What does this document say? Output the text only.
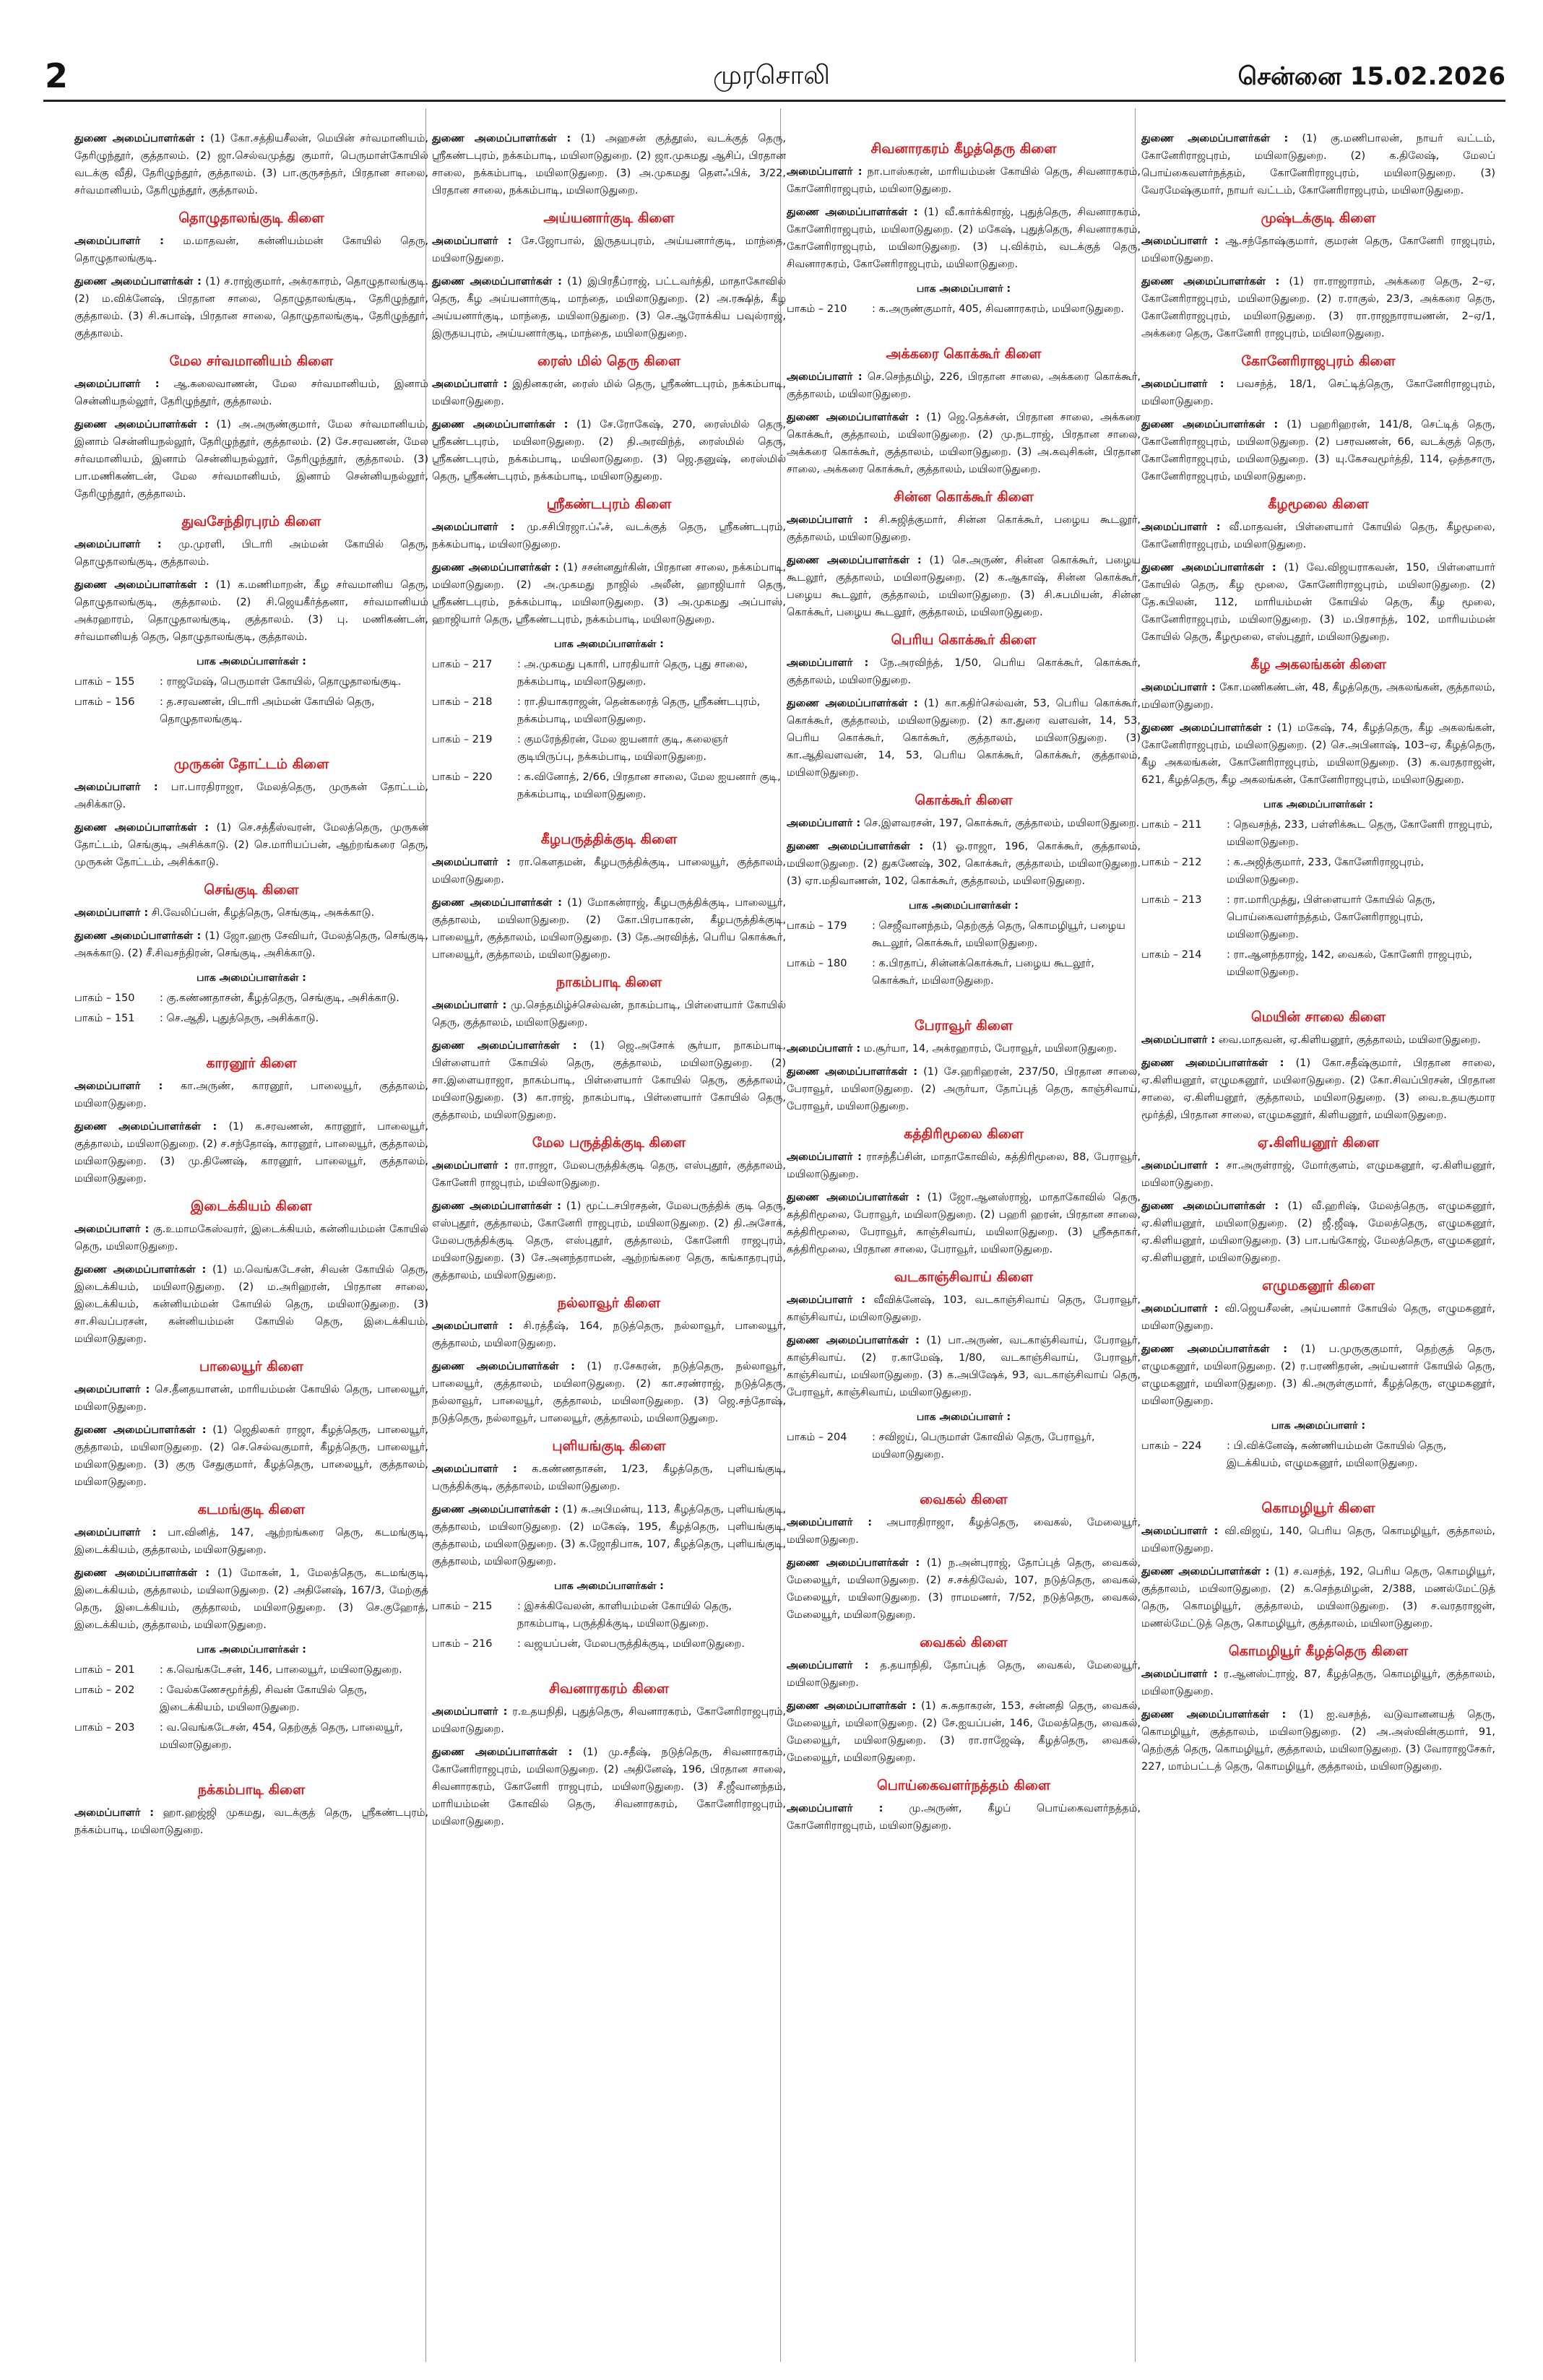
2	முரசொலி	சென்னை 15.02.2026
துணை அமைப்பாளர்கள் : (1) கோ.சத்தியசீலன், மெயின் சர்வமானியம், தேரிழுந்தூர், குத்தாலம். (2) ஜா.செல்வமுத்து குமார், பெருமாள்கோயில் வடக்கு வீதி, தேரிழுந்தூர், குத்தாலம். (3) பா.குருசந்தர், பிரதான சாலை, சர்வமானியம், தேரிழுந்தூர், குத்தாலம்.
தொழுதாலங்குடி கிளை
அமைப்பாளர் : ம.மாதவன், கன்னியம்மன் கோயில் தெரு, தொழுதாலங்குடி.
துணை அமைப்பாளர்கள் : (1) ச.ராஜ்குமார், அக்ரகாரம், தொழுதாலங்குடி. (2) ம.விக்னேஷ், பிரதான சாலை, தொழுதாலங்குடி, தேரிழுந்தூர், குத்தாலம். (3) சி.சுபாஷ், பிரதான சாலை, தொழுதாலங்குடி, தேரிழுந்தூர், குத்தாலம்.
மேல சர்வமானியம் கிளை
அமைப்பாளர் : ஆ.கலைவாணன், மேல சர்வமானியம், இனாம் சென்னியநல்லூர், தேரிழுந்தூர், குத்தாலம்.
துணை அமைப்பாளர்கள் : (1) அ.அருண்குமார், மேல சர்வமானியம், இனாம் சென்னியநல்லூர், தேரிழுந்தூர், குத்தாலம். (2) சே.சரவணன், மேல சர்வமானியம், இனாம் சென்னியநல்லூர், தேரிழுந்தூர், குத்தாலம். (3) பா.மணிகண்டன், மேல சர்வமானியம், இனாம் சென்னியநல்லூர், தேரிழுந்தூர், குத்தாலம்.
துவசேந்திரபுரம் கிளை
அமைப்பாளர் : மு.முரளி, பிடாரி அம்மன் கோயில் தெரு, தொழுதாலங்குடி, குத்தாலம்.
துணை அமைப்பாளர்கள் : (1) க.மணிமாறன், கீழ சர்வமானிய தெரு, தொழுதாலங்குடி, குத்தாலம். (2) சி.ஜெயகீர்த்தனா, சர்வமானியம் அக்ரஹாரம், தொழுதாலங்குடி, குத்தாலம். (3) பு. மணிகண்டன், சர்வமானியத் தெரு, தொழுதாலங்குடி, குத்தாலம்.
பாக அமைப்பாளர்கள் :
பாகம் – 155	: ராஜமேஷ், பெருமாள் கோயில், தொழுதாலங்குடி.
பாகம் – 156	: த.சரவணன், பிடாரி அம்மன் கோயில் தெரு, தொழுதாலங்குடி.
முருகன் தோட்டம் கிளை
அமைப்பாளர் : பா.பாரதிராஜா, மேலத்தெரு, முருகன் தோட்டம், அசிக்காடு.
துணை அமைப்பாளர்கள் : (1) செ.சத்தீஸ்வரன், மேலத்தெரு, முருகன் தோட்டம், செங்குடி, அசிக்காடு. (2) செ.மாரியப்பன், ஆற்றங்கரை தெரு, முருகன் தோட்டம், அசிக்காடு.
செங்குடி கிளை
அமைப்பாளர் : சி.வேலிப்பன், கீழத்தெரு, செங்குடி, அசுக்காடு.
துணை அமைப்பாளர்கள் : (1) ஜோ.ஹரூ சேவியர், மேலத்தெரு, செங்குடி, அசுக்காடு. (2) சீ.சிவசந்திரன், செங்குடி, அசிக்காடு.
பாக அமைப்பாளர்கள் :
பாகம் – 150	: கு.கண்ணதாசன், கீழத்தெரு, செங்குடி, அசிக்காடு.
பாகம் – 151	: செ.ஆதி, புதுத்தெரு, அசிக்காடு.
காரனூர் கிளை
அமைப்பாளர் : கா.அருண், காரனூர், பாலையூர், குத்தாலம், மயிலாடுதுறை.
துணை அமைப்பாளர்கள் : (1) க.சரவணன், காரனூர், பாலையூர், குத்தாலம், மயிலாடுதுறை. (2) ச.சந்தோஷ், காரனூர், பாலையூர், குத்தாலம், மயிலாடுதுறை. (3) மு.திணேஷ், காரனூர், பாலையூர், குத்தாலம், மயிலாடுதுறை.
இடைக்கியம் கிளை
அமைப்பாளர் : கு.உமாமகேஸ்வரர், இடைக்கியம், கன்னியம்மன் கோயில் தெரு, மயிலாடுதுறை.
துணை அமைப்பாளர்கள் : (1) ம.வெங்கடேசன், சிவன் கோயில் தெரு, இடைக்கியம், மயிலாடுதுறை. (2) ம.அரிஹரன், பிரதான சாலை, இடைக்கியம், கன்னியம்மன் கோயில் தெரு, மயிலாடுதுறை. (3) சா.சிவப்பரசன், கன்னியம்மன் கோயில் தெரு, இடைக்கியம், மயிலாடுதுறை.
பாலையூர் கிளை
அமைப்பாளர் : செ.தீனதயாளன், மாரியம்மன் கோயில் தெரு, பாலையூர், மயிலாடுதுறை.
துணை அமைப்பாளர்கள் : (1) ஜெதிலகர் ராஜா, கீழத்தெரு, பாலையூர், குத்தாலம், மயிலாடுதுறை. (2) செ.செல்வகுமார், கீழத்தெரு, பாலையூர், மயிலாடுதுறை. (3) குரு சேதுகுமார், கீழத்தெரு, பாலையூர், குத்தாலம், மயிலாடுதுறை.
கடமங்குடி கிளை
அமைப்பாளர் : பா.வினித், 147, ஆற்றங்கரை தெரு, கடமங்குடி, இடைக்கியம், குத்தாலம், மயிலாடுதுறை.
துணை அமைப்பாளர்கள் : (1) மோகன், 1, மேலத்தெரு, கடமங்குடி, இடைக்கியம், குத்தாலம், மயிலாடுதுறை. (2) அதினேஷ், 167/3, மேற்குத் தெரு, இடைக்கியம், குத்தாலம், மயிலாடுதுறை. (3) செ.குஹோத், இடைக்கியம், குத்தாலம், மயிலாடுதுறை.
பாக அமைப்பாளர்கள் :
பாகம் – 201	: க.வெங்கடேசன், 146, பாலையூர், மயிலாடுதுறை.
பாகம் – 202	: வேல்கணேசமூர்த்தி, சிவன் கோயில் தெரு, இடைக்கியம், மயிலாடுதுறை.
பாகம் – 203	: வ.வெங்கடேசன், 454, தெற்குத் தெரு, பாலையூர், மயிலாடுதுறை.
நக்கம்பாடி கிளை
அமைப்பாளர் : ஹா.ஹஜ்ஜி முகமது, வடக்குத் தெரு, ஸ்ரீகண்டபுரம், நக்கம்பாடி, மயிலாடுதுறை.
துணை அமைப்பாளர்கள் : (1) அஹசன் குத்தூஸ், வடக்குத் தெரு, ஸ்ரீகண்டபுரம், நக்கம்பாடி, மயிலாடுதுறை. (2) ஜா.முகமது ஆசிப், பிரதான சாலை, நக்கம்பாடி, மயிலாடுதுறை. (3) அ.முகமது தௌஃபிக், 3/22, பிரதான சாலை, நக்கம்பாடி, மயிலாடுதுறை.
அய்யனார்குடி கிளை
அமைப்பாளர் : சே.ஜோபால், இருதயபுரம், அய்யனார்குடி, மாந்தை, மயிலாடுதுறை.
துணை அமைப்பாளர்கள் : (1) இபிரதீப்ராஜ், பட்டவர்த்தி, மாதாகோவில் தெரு, கீழ அய்யனார்குடி, மாந்தை, மயிலாடுதுறை. (2) அ.ரக்ஷித், கீழ அய்யனார்குடி, மாந்தை, மயிலாடுதுறை. (3) செ.ஆரோக்கிய பவுல்ராஜ், இருதயபுரம், அய்யனார்குடி, மாந்தை, மயிலாடுதுறை.
ரைஸ் மில் தெரு கிளை
அமைப்பாளர் : இதினகரன், ரைஸ் மில் தெரு, ஸ்ரீகண்டபுரம், நக்கம்பாடி, மயிலாடுதுறை.
துணை அமைப்பாளர்கள் : (1) சே.ரோகேஷ், 270, ரைஸ்மில் தெரு, ஸ்ரீகண்டபுரம், மயிலாடுதுறை. (2) தி.அரவிந்த், ரைஸ்மில் தெரு, ஸ்ரீகண்டபுரம், நக்கம்பாடி, மயிலாடுதுறை. (3) ஜெ.தனுஷ், ரைஸ்மில் தெரு, ஸ்ரீகண்டபுரம், நக்கம்பாடி, மயிலாடுதுறை.
ஸ்ரீகண்டபுரம் கிளை
அமைப்பாளர் : மு.சசிபிரஜா.ப்ஃச், வடக்குத் தெரு, ஸ்ரீகண்டபுரம், நக்கம்பாடி, மயிலாடுதுறை.
துணை அமைப்பாளர்கள் : (1) சசன்னதுர்கின், பிரதான சாலை, நக்கம்பாடி, மயிலாடுதுறை. (2) அ.முகமது நாஜில் அலீன், ஹாஜியார் தெரு, ஸ்ரீகண்டபுரம், நக்கம்பாடி, மயிலாடுதுறை. (3) அ.முகமது அப்பாஸ், ஹாஜியார் தெரு, ஸ்ரீகண்டபுரம், நக்கம்பாடி, மயிலாடுதுறை.
பாக அமைப்பாளர்கள் :
பாகம் – 217	: அ.முகமது புகாரி, பாரதியார் தெரு, புது சாலை, நக்கம்பாடி, மயிலாடுதுறை.
பாகம் – 218	: ரா.தியாகராஜன், தென்கரைத் தெரு, ஸ்ரீகண்டபுரம், நக்கம்பாடி, மயிலாடுதுறை.
பாகம் – 219	: குமரேந்திரன், மேல ஐயனார் குடி, கலைஞர் குடியிருப்பு, நக்கம்பாடி, மயிலாடுதுறை.
பாகம் – 220	: க.வினோத், 2/66, பிரதான சாலை, மேல ஐயனார் குடி, நக்கம்பாடி, மயிலாடுதுறை.
கீழபருத்திக்குடி கிளை
அமைப்பாளர் : ரா.கௌதமன், கீழபருத்திக்குடி, பாலையூர், குத்தாலம், மயிலாடுதுறை.
துணை அமைப்பாளர்கள் : (1) மோகன்ராஜ், கீழபருத்திக்குடி, பாலையூர், குத்தாலம், மயிலாடுதுறை. (2) கோ.பிரபாகரன், கீழபருத்திக்குடி, பாலையூர், குத்தாலம், மயிலாடுதுறை. (3) தே.அரவிந்த், பெரிய கொக்கூர், பாலையூர், குத்தாலம், மயிலாடுதுறை.
நாகம்பாடி கிளை
அமைப்பாளர் : மு.செந்தமிழ்ச்செல்வன், நாகம்பாடி, பிள்ளையார் கோயில் தெரு, குத்தாலம், மயிலாடுதுறை.
துணை அமைப்பாளர்கள் : (1) ஜெ.அசோக் சூர்யா, நாகம்பாடி, பிள்ளையார் கோயில் தெரு, குத்தாலம், மயிலாடுதுறை. (2) சா.இளையராஜா, நாகம்பாடி, பிள்ளையார் கோயில் தெரு, குத்தாலம், மயிலாடுதுறை. (3) கா.ராஜ், நாகம்பாடி, பிள்ளையார் கோயில் தெரு, குத்தாலம், மயிலாடுதுறை.
மேல பருத்திக்குடி கிளை
அமைப்பாளர் : ரா.ராஜா, மேலபருத்திக்குடி தெரு, எஸ்புதூர், குத்தாலம், கோனேரி ராஜபுரம், மயிலாடுதுறை.
துணை அமைப்பாளர்கள் : (1) மூட்டசபிரசதன், மேலபருத்திக் குடி தெரு, எஸ்புதூர், குத்தாலம், கோனேரி ராஜபுரம், மயிலாடுதுறை. (2) தி.அசோக், மேலபருத்திக்குடி தெரு, எஸ்புதூர், குத்தாலம், கோனேரி ராஜபுரம், மயிலாடுதுறை. (3) சே.அனந்தராமன், ஆற்றங்கரை தெரு, கங்காதரபுரம், குத்தாலம், மயிலாடுதுறை.
நல்லாவூர் கிளை
அமைப்பாளர் : சி.ரத்தீஷ், 164, நடுத்தெரு, நல்லாவூர், பாலையூர், குத்தாலம், மயிலாடுதுறை.
துணை அமைப்பாளர்கள் : (1) ர.சேகரன், நடுத்தெரு, நல்லாவூர், பாலையூர், குத்தாலம், மயிலாடுதுறை. (2) கா.சரண்ராஜ், நடுத்தெரு, நல்லாவூர், பாலையூர், குத்தாலம், மயிலாடுதுறை. (3) ஜெ.சந்தோஷ், நடுத்தெரு, நல்லாவூர், பாலையூர், குத்தாலம், மயிலாடுதுறை.
புளியங்குடி கிளை
அமைப்பாளர் : க.கண்ணதாசன், 1/23, கீழத்தெரு, புளியங்குடி, பருத்திக்குடி, குத்தாலம், மயிலாடுதுறை.
துணை அமைப்பாளர்கள் : (1) சு.அபிமன்யு, 113, கீழத்தெரு, புளியங்குடி, குத்தாலம், மயிலாடுதுறை. (2) மகேஷ், 195, கீழத்தெரு, புளியங்குடி, குத்தாலம், மயிலாடுதுறை. (3) க.ஜோதிபாசு, 107, கீழத்தெரு, புளியங்குடி, குத்தாலம், மயிலாடுதுறை.
பாக அமைப்பாளர்கள் :
பாகம் – 215	: இசக்கிவேலன், காளியம்மன் கோயில் தெரு, நாகம்பாடி, பருத்திக்குடி, மயிலாடுதுறை.
பாகம் – 216	: வஜயப்பன், மேலபருத்திக்குடி, மயிலாடுதுறை.
சிவனாரகரம் கிளை
அமைப்பாளர் : ர.உதயநிதி, புதுத்தெரு, சிவனாரகரம், கோனேரிராஜபுரம், மயிலாடுதுறை.
துணை அமைப்பாளர்கள் : (1) மு.சதீஷ், நடுத்தெரு, சிவனாரகரம், கோனேரிராஜபுரம், மயிலாடுதுறை. (2) அதினேஷ், 196, பிரதான சாலை, சிவனாரகரம், கோனேரி ராஜபுரம், மயிலாடுதுறை. (3) சீ.ஜீவானந்தம், மாரியம்மன் கோவில் தெரு, சிவனாரகரம், கோனேரிராஜபுரம், மயிலாடுதுறை.
சிவனாரகரம் கீழத்தெரு கிளை
அமைப்பாளர் : நா.பாஸ்கரன், மாரியம்மன் கோயில் தெரு, சிவனாரகரம், கோனேரிராஜபுரம், மயிலாடுதுறை.
துணை அமைப்பாளர்கள் : (1) வீ.கார்க்கிராஜ், புதுத்தெரு, சிவனாரகரம், கோனேரிராஜபுரம், மயிலாடுதுறை. (2) மகேஷ், புதுத்தெரு, சிவனாரகரம், கோனேரிராஜபுரம், மயிலாடுதுறை. (3) பு.விக்ரம், வடக்குத் தெரு, சிவனாரகரம், கோனேரிராஜபுரம், மயிலாடுதுறை.
பாக அமைப்பாளர் :
பாகம் – 210	: க.அருண்குமார், 405, சிவனாரகரம், மயிலாடுதுறை.
அக்கரை கொக்கூர் கிளை
அமைப்பாளர் : செ.செந்தமிழ், 226, பிரதான சாலை, அக்கரை கொக்கூர், குத்தாலம், மயிலாடுதுறை.
துணை அமைப்பாளர்கள் : (1) ஜெ.தெக்சன், பிரதான சாலை, அக்கரை கொக்கூர், குத்தாலம், மயிலாடுதுறை. (2) மு.நடராஜ், பிரதான சாலை, அக்கரை கொக்கூர், குத்தாலம், மயிலாடுதுறை. (3) அ.கவுசிகன், பிரதான சாலை, அக்கரை கொக்கூர், குத்தாலம், மயிலாடுதுறை.
சின்ன கொக்கூர் கிளை
அமைப்பாளர் : சி.சுஜித்குமார், சின்ன கொக்கூர், பழைய கூடலூர், குத்தாலம், மயிலாடுதுறை.
துணை அமைப்பாளர்கள் : (1) செ.அருண், சின்ன கொக்கூர், பழைய கூடலூர், குத்தாலம், மயிலாடுதுறை. (2) க.ஆகாஷ், சின்ன கொக்கூர், பழைய கூடலூர், குத்தாலம், மயிலாடுதுறை. (3) சி.சுபமியன், சின்ன கொக்கூர், பழைய கூடலூர், குத்தாலம், மயிலாடுதுறை.
பெரிய கொக்கூர் கிளை
அமைப்பாளர் : நே.அரவிந்த், 1/50, பெரிய கொக்கூர், கொக்கூர், குத்தாலம், மயிலாடுதுறை.
துணை அமைப்பாளர்கள் : (1) கா.கதிர்செல்வன், 53, பெரிய கொக்கூர், கொக்கூர், குத்தாலம், மயிலாடுதுறை. (2) கா.துரை வளவன், 14, 53, பெரிய கொக்கூர், கொக்கூர், குத்தாலம், மயிலாடுதுறை. (3) கா.ஆதிவளவன், 14, 53, பெரிய கொக்கூர், கொக்கூர், குத்தாலம், மயிலாடுதுறை.
கொக்கூர் கிளை
அமைப்பாளர் : செ.இளவரசன், 197, கொக்கூர், குத்தாலம், மயிலாடுதுறை.
துணை அமைப்பாளர்கள் : (1) ஓ.ராஜா, 196, கொக்கூர், குத்தாலம், மயிலாடுதுறை. (2) துகணேஷ், 302, கொக்கூர், குத்தாலம், மயிலாடுதுறை. (3) ஏா.மதிவாணன், 102, கொக்கூர், குத்தாலம், மயிலாடுதுறை.
பாக அமைப்பாளர்கள் :
பாகம் – 179	: செஜீவானந்தம், தெற்குத் தெரு, கொமழியூர், பழைய கூடலூர், கொக்கூர், மயிலாடுதுறை.
பாகம் – 180	: க.பிரதாப், சின்னக்கொக்கூர், பழைய கூடலூர், கொக்கூர், மயிலாடுதுறை.
பேராவூர் கிளை
அமைப்பாளர் : ம.சூர்யா, 14, அக்ரஹாரம், பேராவூர், மயிலாடுதுறை.
துணை அமைப்பாளர்கள் : (1) சே.ஹரிஹரன், 237/50, பிரதான சாலை, பேராவூர், மயிலாடுதுறை. (2) அருர்யா, தோப்புத் தெரு, காஞ்சிவாய், பேராவூர், மயிலாடுதுறை.
கத்திரிமூலை கிளை
அமைப்பாளர் : ராசந்தீப்சின், மாதாகோவில், கத்திரிமூலை, 88, பேராவூர், மயிலாடுதுறை.
துணை அமைப்பாளர்கள் : (1) ஜோ.ஆனஸ்ராஜ், மாதாகோவில் தெரு, கத்திரிமூலை, பேராவூர், மயிலாடுதுறை. (2) பஹரி ஹரன், பிரதான சாலை, கத்திரிமூலை, பேராவூர், காஞ்சிவாய், மயிலாடுதுறை. (3) ஸ்ரீசுதாகர், கத்திரிமூலை, பிரதான சாலை, பேராவூர், மயிலாடுதுறை.
வடகாஞ்சிவாய் கிளை
அமைப்பாளர் : வீவிக்னேஷ், 103, வடகாஞ்சிவாய் தெரு, பேராவூர், காஞ்சிவாய், மயிலாடுதுறை.
துணை அமைப்பாளர்கள் : (1) பா.அருண், வடகாஞ்சிவாய், பேராவூர், காஞ்சிவாய். (2) ர.காமேஷ், 1/80, வடகாஞ்சிவாய், பேராவூர், காஞ்சிவாய், மயிலாடுதுறை. (3) க.அபிஷேக், 93, வடகாஞ்சிவாய் தெரு, பேராவூர், காஞ்சிவாய், மயிலாடுதுறை.
பாக அமைப்பாளர் :
பாகம் – 204	: சவிஜய், பெருமாள் கோவில் தெரு, பேராவூர், மயிலாடுதுறை.
வைகல் கிளை
அமைப்பாளர் : அபாரதிராஜா, கீழத்தெரு, வைகல், மேலையூர், மயிலாடுதுறை.
துணை அமைப்பாளர்கள் : (1) ந.அன்புராஜ், தோப்புத் தெரு, வைகல், மேலையூர், மயிலாடுதுறை. (2) ச.சக்திவேல், 107, நடுத்தெரு, வைகல், மேலையூர், மயிலாடுதுறை. (3) ராமமணர், 7/52, நடுத்தெரு, வைகல், மேலையூர், மயிலாடுதுறை.
வைகல் கிளை
அமைப்பாளர் : த.தயாநிதி, தோப்புத் தெரு, வைகல், மேலையூர், மயிலாடுதுறை.
துணை அமைப்பாளர்கள் : (1) சு.சுதாகரன், 153, சன்னதி தெரு, வைகல், மேலையூர், மயிலாடுதுறை. (2) சே.ஐயப்பன், 146, மேலத்தெரு, வைகல், மேலையூர், மயிலாடுதுறை. (3) ரா.ராஜேஷ், கீழத்தெரு, வைகல், மேலையூர், மயிலாடுதுறை.
பொய்கைவளர்நத்தம் கிளை
அமைப்பாளர் : மு.அருண், கீழப் பொய்கைவளர்நத்தம், கோனேரிராஜபுரம், மயிலாடுதுறை.
துணை அமைப்பாளர்கள் : (1) கு.மணிபாலன், நாயர் வட்டம், கோனேரிராஜபுரம், மயிலாடுதுறை. (2) க.திலேஷ், மேலப் பொய்கைவளர்நத்தம், கோனேரிராஜபுரம், மயிலாடுதுறை. (3) வேரமேஷ்குமார், நாயர் வட்டம், கோனேரிராஜபுரம், மயிலாடுதுறை.
முஷ்டக்குடி கிளை
அமைப்பாளர் : ஆ.சந்தோஷ்குமார், குமரன் தெரு, கோனேரி ராஜபுரம், மயிலாடுதுறை.
துணை அமைப்பாளர்கள் : (1) ரா.ராஜாராம், அக்கரை தெரு, 2–ஏ, கோனேரிராஜபுரம், மயிலாடுதுறை. (2) ர.ராகுல், 23/3, அக்கரை தெரு, கோனேரிராஜபுரம், மயிலாடுதுறை. (3) ரா.ராஜநாராயணன், 2–ஏ/1, அக்கரை தெரு, கோனேரி ராஜபுரம், மயிலாடுதுறை.
கோனேரிராஜபுரம் கிளை
அமைப்பாளர் : பவசந்த், 18/1, செட்டித்தெரு, கோனேரிராஜபுரம், மயிலாடுதுறை.
துணை அமைப்பாளர்கள் : (1) பஹரிஹரன், 141/8, செட்டித் தெரு, கோனேரிராஜபுரம், மயிலாடுதுறை. (2) பசரவணன், 66, வடக்குத் தெரு, கோனேரிராஜபுரம், மயிலாடுதுறை. (3) யு.கேசவமூர்த்தி, 114, ஒத்தசாரு, கோனேரிராஜபுரம், மயிலாடுதுறை.
கீழமூலை கிளை
அமைப்பாளர் : வீ.மாதவன், பிள்ளையார் கோயில் தெரு, கீழமூலை, கோனேரிராஜபுரம், மயிலாடுதுறை.
துணை அமைப்பாளர்கள் : (1) வே.விஜயராகவன், 150, பிள்ளையார் கோயில் தெரு, கீழ மூலை, கோனேரிராஜபுரம், மயிலாடுதுறை. (2) தே.கபிலன், 112, மாரியம்மன் கோயில் தெரு, கீழ மூலை, கோனேரிராஜபுரம், மயிலாடுதுறை. (3) ம.பிரசாந்த், 102, மாரியம்மன் கோயில் தெரு, கீழமூலை, எஸ்புதூர், மயிலாடுதுறை.
கீழ அகலங்கன் கிளை
அமைப்பாளர் : கோ.மணிகண்டன், 48, கீழத்தெரு, அகலங்கன், குத்தாலம், மயிலாடுதுறை.
துணை அமைப்பாளர்கள் : (1) மகேஷ், 74, கீழத்தெரு, கீழ அகலங்கன், கோனேரிராஜபுரம், மயிலாடுதுறை. (2) செ.அபினாஷ், 103–ஏ, கீழத்தெரு, கீழ அகலங்கன், கோனேரிராஜபுரம், மயிலாடுதுறை. (3) க.வரதராஜன், 621, கீழத்தெரு, கீழ அகலங்கன், கோனேரிராஜபுரம், மயிலாடுதுறை.
பாக அமைப்பாளர்கள் :
பாகம் – 211	: நெவசந்த், 233, பள்ளிக்கூட தெரு, கோனேரி ராஜபுரம், மயிலாடுதுறை.
பாகம் – 212	: க.அஜித்குமார், 233, கோனேரிராஜபுரம், மயிலாடுதுறை.
பாகம் – 213	: ரா.மாரிமுத்து, பிள்ளையார் கோயில் தெரு, பொய்கைவளர்நத்தம், கோனேரிராஜபுரம், மயிலாடுதுறை.
பாகம் – 214	: ரா.ஆனந்தராஜ், 142, வைகல், கோனேரி ராஜபுரம், மயிலாடுதுறை.
மெயின் சாலை கிளை
அமைப்பாளர் : வை.மாதவன், ஏ.கிளியனூர், குத்தாலம், மயிலாடுதுறை.
துணை அமைப்பாளர்கள் : (1) கோ.சதீஷ்குமார், பிரதான சாலை, ஏ.கிளியனூர், எழுமகனூர், மயிலாடுதுறை. (2) கோ.சிவப்பிரசன், பிரதான சாலை, ஏ.கிளியனூர், குத்தாலம், மயிலாடுதுறை. (3) வை.உதயகுமார மூர்த்தி, பிரதான சாலை, எழுமகனூர், கிளியனூர், மயிலாடுதுறை.
ஏ.கிளியனூர் கிளை
அமைப்பாளர் : சா.அருள்ராஜ், மோர்குளம், எழுமகனூர், ஏ.கிளியனூர், மயிலாடுதுறை.
துணை அமைப்பாளர்கள் : (1) வீ.ஹரிஷ், மேலத்தெரு, எழுமகனூர், ஏ.கிளியனூர், மயிலாடுதுறை. (2) ஜீ.ஜீஷ, மேலத்தெரு, எழுமகனூர், ஏ.கிளியனூர், மயிலாடுதுறை. (3) பா.பங்கோஜ், மேலத்தெரு, எழுமகனூர், ஏ.கிளியனூர், மயிலாடுதுறை.
எழுமகனூர் கிளை
அமைப்பாளர் : வி.ஜெயசீலன், அய்யனார் கோயில் தெரு, எழுமகனூர், மயிலாடுதுறை.
துணை அமைப்பாளர்கள் : (1) ப.முருகுகுமார், தெற்குத் தெரு, எழுமகனூர், மயிலாடுதுறை. (2) ர.பரணிதரன், அய்யனார் கோயில் தெரு, எழுமகனூர், மயிலாடுதுறை. (3) கி.அருள்குமார், கீழத்தெரு, எழுமகனூர், மயிலாடுதுறை.
பாக அமைப்பாளர் :
பாகம் – 224	: பி.விக்னேஷ், சுண்ணியம்மன் கோயில் தெரு, இடக்கியம், எழுமகனூர், மயிலாடுதுறை.
கொமழியூர் கிளை
அமைப்பாளர் : வி.விஜய், 140, பெரிய தெரு, கொமழியூர், குத்தாலம், மயிலாடுதுறை.
துணை அமைப்பாளர்கள் : (1) ச.வசந்த், 192, பெரிய தெரு, கொமழியூர், குத்தாலம், மயிலாடுதுறை. (2) க.செந்தமிழன், 2/388, மணல்மேட்டுத் தெரு, கொமழியூர், குத்தாலம், மயிலாடுதுறை. (3) ச.வரதராஜன், மணல்மேட்டுத் தெரு, கொமழியூர், குத்தாலம், மயிலாடுதுறை.
கொமழியூர் கீழத்தெரு கிளை
அமைப்பாளர் : ர.ஆனஸ்ட்ராஜ், 87, கீழத்தெரு, கொமழியூர், குத்தாலம், மயிலாடுதுறை.
துணை அமைப்பாளர்கள் : (1) ஐ.வசந்த், வடுவானனயத் தெரு, கொமழியூர், குத்தாலம், மயிலாடுதுறை. (2) அ.அஸ்வின்குமார், 91, தெற்குத் தெரு, கொமழியூர், குத்தாலம், மயிலாடுதுறை. (3) வோராஜசேகர், 227, மாம்பட்டத் தெரு, கொமழியூர், குத்தாலம், மயிலாடுதுறை.
